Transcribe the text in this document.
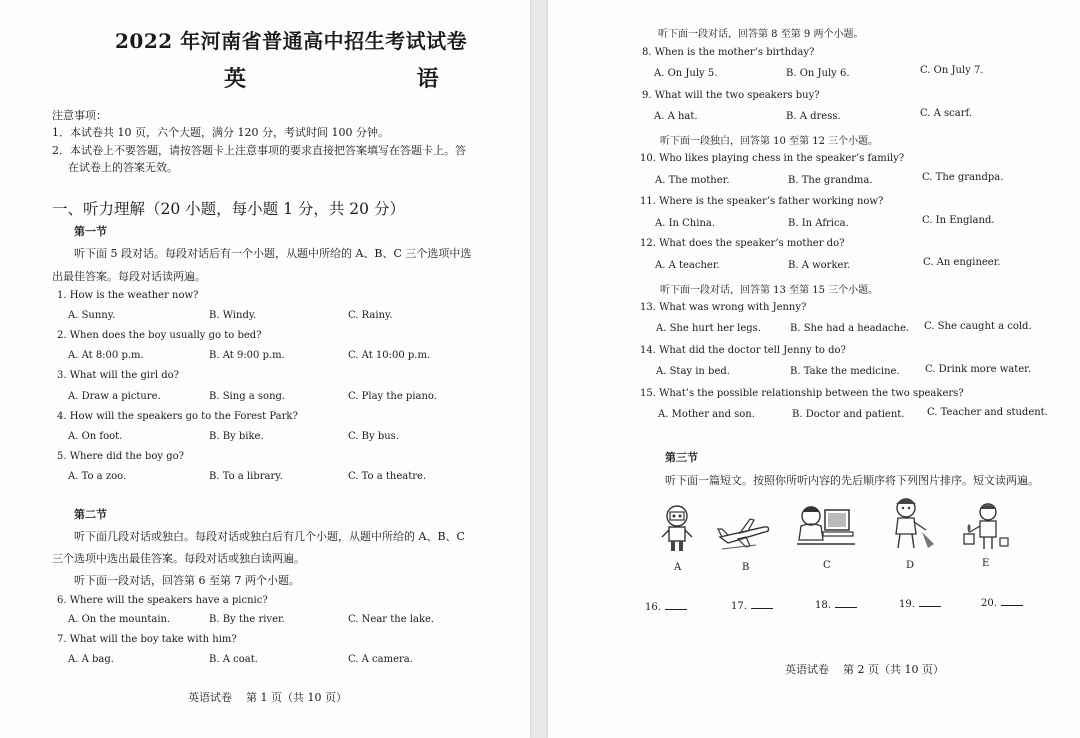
2022 年河南省普通高中招生考试试卷
英    语
注意事项：
1．本试卷共 10 页，六个大题，满分 120 分，考试时间 100 分钟。
2．本试卷上不要答题，请按答题卡上注意事项的要求直接把答案填写在答题卡上。答
在试卷上的答案无效。
一、听力理解（20 小题，每小题 1 分，共 20 分）
第一节
听下面 5 段对话。每段对话后有一个小题，从题中所给的 A、B、C 三个选项中选
出最佳答案。每段对话读两遍。
1. How is the weather now?
A. Sunny.	B. Windy.	C. Rainy.
2. When does the boy usually go to bed?
A. At 8:00 p.m.	B. At 9:00 p.m.	C. At 10:00 p.m.
3. What will the girl do?
A. Draw a picture.	B. Sing a song.	C. Play the piano.
4. How will the speakers go to the Forest Park?
A. On foot.	B. By bike.	C. By bus.
5. Where did the boy go?
A. To a zoo.	B. To a library.	C. To a theatre.
第二节
听下面几段对话或独白。每段对话或独白后有几个小题，从题中所给的 A、B、C
三个选项中选出最佳答案。每段对话或独白读两遍。
听下面一段对话，回答第 6 至第 7 两个小题。
6. Where will the speakers have a picnic?
A. On the mountain.	B. By the river.	C. Near the lake.
7. What will the boy take with him?
A. A bag.	B. A coat.	C. A camera.
英语试卷    第 1 页（共 10 页）
听下面一段对话，回答第 8 至第 9 两个小题。
8. When is the mother’s birthday?
A. On July 5.	B. On July 6.	C. On July 7.
9. What will the two speakers buy?
A. A hat.	B. A dress.	C. A scarf.
听下面一段独白，回答第 10 至第 12 三个小题。
10. Who likes playing chess in the speaker’s family?
A. The mother.	B. The grandma.	C. The grandpa.
11. Where is the speaker’s father working now?
A. In China.	B. In Africa.	C. In England.
12. What does the speaker’s mother do?
A. A teacher.	B. A worker.	C. An engineer.
听下面一段对话，回答第 13 至第 15 三个小题。
13. What was wrong with Jenny?
A. She hurt her legs.	B. She had a headache. C. She caught a cold.
14. What did the doctor tell Jenny to do?
A. Stay in bed.	B. Take the medicine.	C. Drink more water.
15. What’s the possible relationship between the two speakers?
A. Mother and son.	B. Doctor and patient. C. Teacher and student.
第三节
听下面一篇短文。按照你所听内容的先后顺序将下列图片排序。短文读两遍。
A	B	C	D	E
16.	17.	18.	19.	20.
英语试卷    第 2 页（共 10 页）
